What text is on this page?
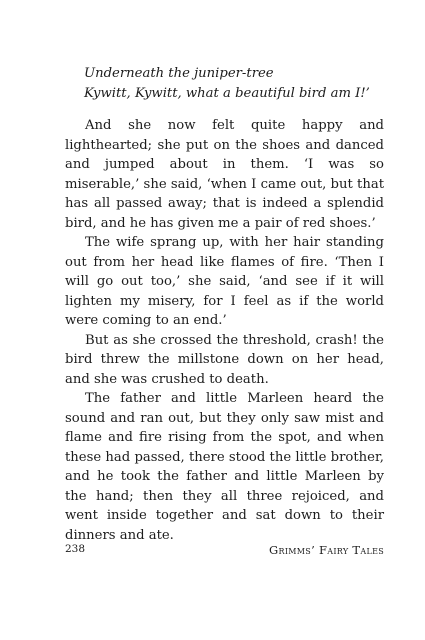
Underneath the juniper-tree
Kywitt, Kywitt, what a beautiful bird am I!’

And she now felt quite happy and lighthearted; she put on the shoes and danced and jumped about in them. ‘I was so miserable,’ she said, ‘when I came out, but that has all passed away; that is indeed a splendid bird, and he has given me a pair of red shoes.’

The wife sprang up, with her hair standing out from her head like flames of fire. ‘Then I will go out too,’ she said, ‘and see if it will lighten my misery, for I feel as if the world were coming to an end.’

But as she crossed the threshold, crash! the bird threw the millstone down on her head, and she was crushed to death.

The father and little Marleen heard the sound and ran out, but they only saw mist and flame and fire rising from the spot, and when these had passed, there stood the little brother, and he took the father and little Marleen by the hand; then they all three rejoiced, and went inside together and sat down to their dinners and ate.

238	Grimms’ Fairy Tales
